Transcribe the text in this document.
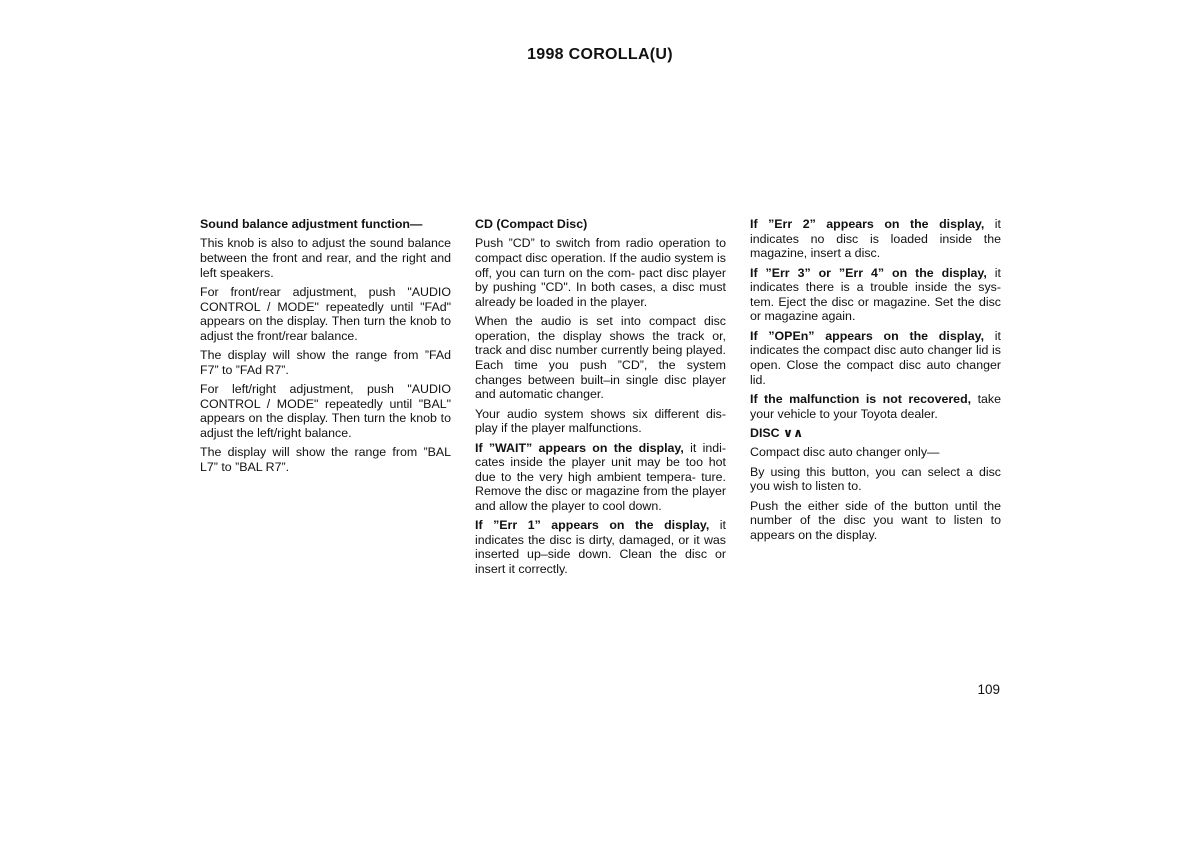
1998 COROLLA(U)
Sound balance adjustment function—

This knob is also to adjust the sound balance between the front and rear, and the right and left speakers.

For front/rear adjustment, push "AUDIO CONTROL / MODE" repeatedly until "FAd" appears on the display. Then turn the knob to adjust the front/rear balance.

The display will show the range from ”FAd F7” to ”FAd R7”.

For left/right adjustment, push "AUDIO CONTROL / MODE" repeatedly until "BAL" appears on the display. Then turn the knob to adjust the left/right balance.

The display will show the range from ”BAL L7” to ”BAL R7”.

CD (Compact Disc)

Push ”CD” to switch from radio operation to compact disc operation. If the audio system is off, you can turn on the com- pact disc player by pushing "CD". In both cases, a disc must already be loaded in the player.

When the audio is set into compact disc operation, the display shows the track or, track and disc number currently being played. Each time you push ”CD”, the system changes between built–in single disc player and automatic changer.

Your audio system shows six different dis- play if the player malfunctions.

If ”WAIT” appears on the display, it indi- cates inside the player unit may be too hot due to the very high ambient tempera- ture. Remove the disc or magazine from the player and allow the player to cool down.

If ”Err 1” appears on the display, it indicates the disc is dirty, damaged, or it was inserted up–side down. Clean the disc or insert it correctly.

If ”Err 2” appears on the display, it indicates no disc is loaded inside the magazine, insert a disc.

If ”Err 3” or ”Err 4” on the display, it indicates there is a trouble inside the sys- tem. Eject the disc or magazine. Set the disc or magazine again.

If ”OPEn” appears on the display, it indicates the compact disc auto changer lid is open. Close the compact disc auto changer lid.

If the malfunction is not recovered, take your vehicle to your Toyota dealer.

DISC ∨∧

Compact disc auto changer only—

By using this button, you can select a disc you wish to listen to.

Push the either side of the button until the number of the disc you want to listen to appears on the display.

109
